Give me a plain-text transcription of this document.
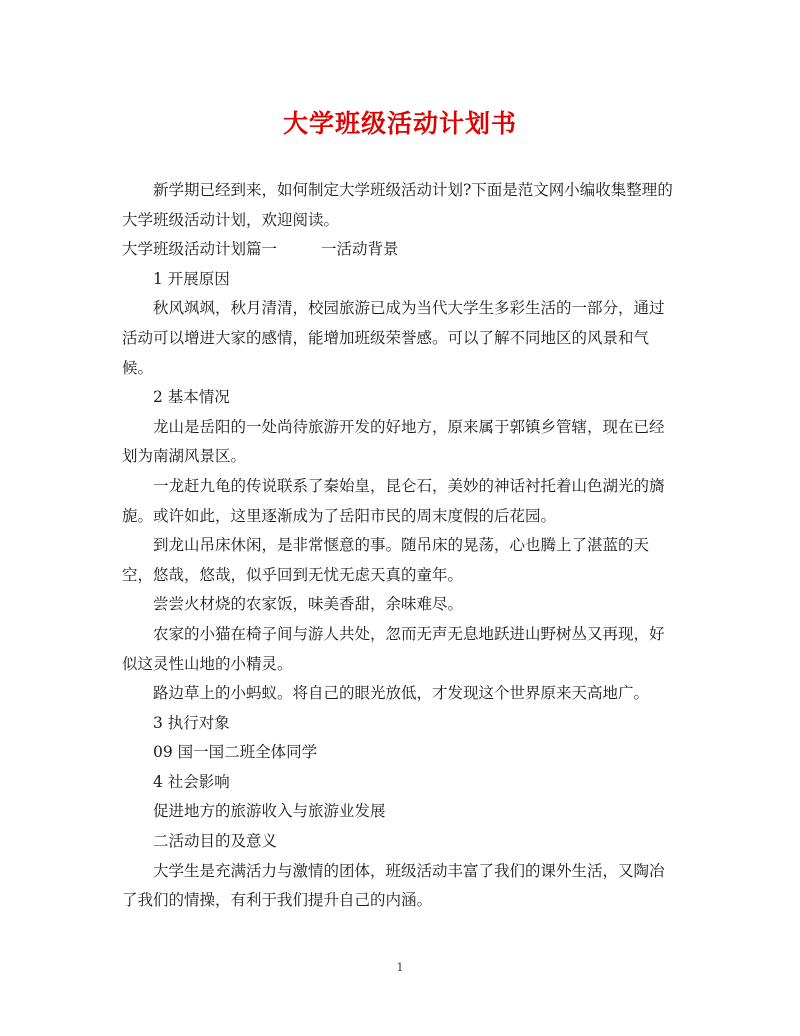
大学班级活动计划书

新学期已经到来，如何制定大学班级活动计划?下面是范文网小编收集整理的大学班级活动计划，欢迎阅读。

大学班级活动计划篇一	一活动背景

1 开展原因

秋风飒飒，秋月清清，校园旅游已成为当代大学生多彩生活的一部分，通过活动可以增进大家的感情，能增加班级荣誉感。可以了解不同地区的风景和气候。

2 基本情况

龙山是岳阳的一处尚待旅游开发的好地方，原来属于郭镇乡管辖，现在已经划为南湖风景区。

一龙赶九龟的传说联系了秦始皇，昆仑石，美妙的神话衬托着山色湖光的旖旎。或许如此，这里逐渐成为了岳阳市民的周末度假的后花园。

到龙山吊床休闲，是非常惬意的事。随吊床的晃荡，心也腾上了湛蓝的天空，悠哉，悠哉，似乎回到无忧无虑天真的童年。

尝尝火材烧的农家饭，味美香甜，余味难尽。

农家的小猫在椅子间与游人共处，忽而无声无息地跃进山野树丛又再现，好似这灵性山地的小精灵。

路边草上的小蚂蚁。将自己的眼光放低，才发现这个世界原来天高地广。

3 执行对象

09 国一国二班全体同学

4 社会影响

促进地方的旅游收入与旅游业发展

二活动目的及意义

大学生是充满活力与激情的团体，班级活动丰富了我们的课外生活，又陶冶了我们的情操，有利于我们提升自己的内涵。

1
